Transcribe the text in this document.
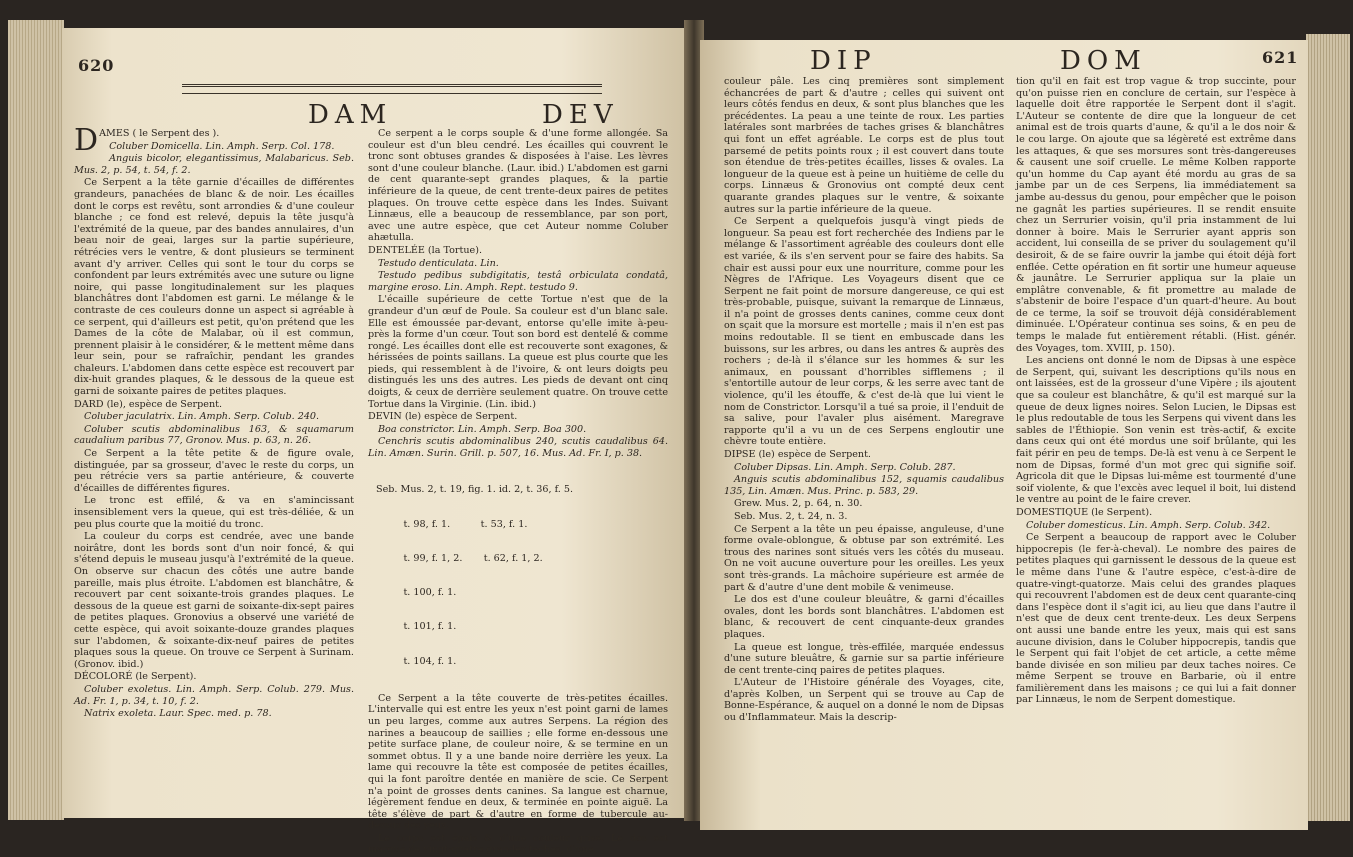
620
DAM	DEV

DAMES ( le Serpent des ).

Coluber Domicella. Lin. Amph. Serp. Col. 178.

Anguis bicolor, elegantissimus, Malabaricus. Seb. Mus. 2, p. 54, t. 54, f. 2.

Ce Serpent a la tête garnie d'écailles de différentes grandeurs, panachées de blanc & de noir. Les écailles dont le corps est revêtu, sont arrondies & d'une couleur blanche ; ce fond est relevé, depuis la tête jusqu'à l'extrémité de la queue, par des bandes annulaires, d'un beau noir de geai, larges sur la partie supérieure, rétrécies vers le ventre, & dont plusieurs se terminent avant d'y arriver. Celles qui sont le tour du corps se confondent par leurs extrémités avec une suture ou ligne noire, qui passe longitudinalement sur les plaques blanchâtres dont l'abdomen est garni. Le mélange & le contraste de ces couleurs donne un aspect si agréable à ce serpent, qui d'ailleurs est petit, qu'on prétend que les Dames de la côte de Malabar, où il est commun, prennent plaisir à le considérer, & le mettent même dans leur sein, pour se rafraîchir, pendant les grandes chaleurs. L'abdomen dans cette espèce est recouvert par dix-huit grandes plaques, & le dessous de la queue est garni de soixante paires de petites plaques.

DARD (le), espèce de Serpent.

Coluber jaculatrix. Lin. Amph. Serp. Colub. 240.

Coluber scutis abdominalibus 163, & squamarum caudalium paribus 77, Gronov. Mus. p. 63, n. 26.

Ce Serpent a la tête petite & de figure ovale, distinguée, par sa grosseur, d'avec le reste du corps, un peu rétrécie vers sa partie antérieure, & couverte d'écailles de différentes figures.

Le tronc est effilé, & va en s'amincissant insensiblement vers la queue, qui est très-déliée, & un peu plus courte que la moitié du tronc.

La couleur du corps est cendrée, avec une bande noirâtre, dont les bords sont d'un noir foncé, & qui s'étend depuis le museau jusqu'à l'extrémité de la queue. On observe sur chacun des côtés une autre bande pareille, mais plus étroite. L'abdomen est blanchâtre, & recouvert par cent soixante-trois grandes plaques. Le dessous de la queue est garni de soixante-dix-sept paires de petites plaques. Gronovius a observé une variété de cette espèce, qui avoit soixante-douze grandes plaques sur l'abdomen, & soixante-dix-neuf paires de petites plaques sous la queue. On trouve ce Serpent à Surinam. (Gronov. ibid.)

DÉCOLORÉ (le Serpent).

Coluber exoletus. Lin. Amph. Serp. Colub. 279. Mus. Ad. Fr. 1, p. 34, t. 10, f. 2.

Natrix exoleta. Laur. Spec. med. p. 78.

Ce serpent a le corps souple & d'une forme allongée. Sa couleur est d'un bleu cendré. Les écailles qui couvrent le tronc sont obtuses grandes & disposées à l'aise. Les lèvres sont d'une couleur blanche. (Laur. ibid.) L'abdomen est garni de cent quarante-sept grandes plaques, & la partie inférieure de la queue, de cent trente-deux paires de petites plaques. On trouve cette espèce dans les Indes. Suivant Linnæus, elle a beaucoup de ressemblance, par son port, avec une autre espèce, que cet Auteur nomme Coluber ahætulla.

DENTELÉE (la Tortue).

Testudo denticulata. Lin.

Testudo pedibus subdigitatis, testâ orbiculata condatâ, margine eroso. Lin. Amph. Rept. testudo 9.

L'écaille supérieure de cette Tortue n'est que de la grandeur d'un œuf de Poule. Sa couleur est d'un blanc sale. Elle est émoussée par-devant, entorse qu'elle imite à-peu-près la forme d'un cœur. Tout son bord est dentelé & comme rongé. Les écailles dont elle est recouverte sont exagones, & hérissées de points saillans. La queue est plus courte que les pieds, qui ressemblent à de l'ivoire, & ont leurs doigts peu distingués les uns des autres. Les pieds de devant ont cinq doigts, & ceux de derrière seulement quatre. On trouve cette Tortue dans la Virginie. (Lin. ibid.)

DEVIN (le) espèce de Serpent.

Boa constrictor. Lin. Amph. Serp. Boa 300.

Cenchris scutis abdominalibus 240, scutis caudalibus 64. Lin. Amæn. Surin. Grill. p. 507, 16. Mus. Ad. Fr. I, p. 38.

Seb. Mus. 2, t. 19, fig. 1. id. 2, t. 36, f. 5.

t. 98, f. 1.          t. 53, f. 1.

t. 99, f. 1, 2.       t. 62, f. 1, 2.

t. 100, f. 1.

t. 101, f. 1.

t. 104, f. 1.

Ce Serpent a la tête couverte de très-petites écailles. L'intervalle qui est entre les yeux n'est point garni de lames un peu larges, comme aux autres Serpens. La région des narines a beaucoup de saillies ; elle forme en-dessous une petite surface plane, de couleur noire, & se termine en un sommet obtus. Il y a une bande noire derrière les yeux. La lame qui recouvre la tête est composée de petites écailles, qui la font paroître dentée en manière de scie. Ce Serpent n'a point de grosses dents canines. Sa langue est charnue, légèrement fendue en deux, & terminée en pointe aiguë. La tête s'élève de part & d'autre en forme de tubercule au-dessus des yeux.

Le corps est épais & d'une couleur grise. Le dos est marqué de vingt-quatre grandes taches, d'une

DIP	DOM	621

couleur pâle. Les cinq premières sont simplement échancrées de part & d'autre ; celles qui suivent ont leurs côtés fendus en deux, & sont plus blanches que les précédentes. La peau a une teinte de roux. Les parties latérales sont marbrées de taches grises & blanchâtres qui font un effet agréable. Le corps est de plus tout parsemé de petits points roux ; il est couvert dans toute son étendue de très-petites écailles, lisses & ovales. La longueur de la queue est à peine un huitième de celle du corps. Linnæus & Gronovius ont compté deux cent quarante grandes plaques sur le ventre, & soixante autres sur la partie inférieure de la queue.

Ce Serpent a quelquefois jusqu'à vingt pieds de longueur. Sa peau est fort recherchée des Indiens par le mélange & l'assortiment agréable des couleurs dont elle est variée, & ils s'en servent pour se faire des habits. Sa chair est aussi pour eux une nourriture, comme pour les Nègres de l'Afrique. Les Voyageurs disent que ce Serpent ne fait point de morsure dangereuse, ce qui est très-probable, puisque, suivant la remarque de Linnæus, il n'a point de grosses dents canines, comme ceux dont on sçait que la morsure est mortelle ; mais il n'en est pas moins redoutable. Il se tient en embuscade dans les buissons, sur les arbres, ou dans les antres & auprès des rochers ; de-là il s'élance sur les hommes & sur les animaux, en poussant d'horribles sifflemens ; il s'entortille autour de leur corps, & les serre avec tant de violence, qu'il les étouffe, & c'est de-là que lui vient le nom de Constrictor. Lorsqu'il a tué sa proie, il l'enduit de sa salive, pour l'avaler plus aisément. Maregrave rapporte qu'il a vu un de ces Serpens engloutir une chèvre toute entière.

DIPSE (le) espèce de Serpent.

Coluber Dipsas. Lin. Amph. Serp. Colub. 287.

Anguis scutis abdominalibus 152, squamis caudalibus 135, Lin. Amæn. Mus. Princ. p. 583, 29.

Grew. Mus. 2, p. 64, n. 30.

Seb. Mus. 2, t. 24, n. 3.

Ce Serpent a la tête un peu épaisse, anguleuse, d'une forme ovale-oblongue, & obtuse par son extrémité. Les trous des narines sont situés vers les côtés du museau. On ne voit aucune ouverture pour les oreilles. Les yeux sont très-grands. La mâchoire supérieure est armée de part & d'autre d'une dent mobile & venimeuse.

Le dos est d'une couleur bleuâtre, & garni d'écailles ovales, dont les bords sont blanchâtres. L'abdomen est blanc, & recouvert de cent cinquante-deux grandes plaques.

La queue est longue, très-effilée, marquée endessus d'une suture bleuâtre, & garnie sur sa partie inférieure de cent trente-cinq paires de petites plaques.

L'Auteur de l'Histoire générale des Voyages, cite, d'après Kolben, un Serpent qui se trouve au Cap de Bonne-Espérance, & auquel on a donné le nom de Dipsas ou d'Inflammateur. Mais la descrip-

tion qu'il en fait est trop vague & trop succinte, pour qu'on puisse rien en conclure de certain, sur l'espèce à laquelle doit être rapportée le Serpent dont il s'agit. L'Auteur se contente de dire que la longueur de cet animal est de trois quarts d'aune, & qu'il a le dos noir & le cou large. On ajoute que sa légèreté est extrême dans les attaques, & que ses morsures sont très-dangereuses & causent une soif cruelle. Le même Kolben rapporte qu'un homme du Cap ayant été mordu au gras de sa jambe par un de ces Serpens, lia immédiatement sa jambe au-dessus du genou, pour empêcher que le poison ne gagnât les parties supérieures. Il se rendit ensuite chez un Serrurier voisin, qu'il pria instamment de lui donner à boire. Mais le Serrurier ayant appris son accident, lui conseilla de se priver du soulagement qu'il desiroit, & de se faire ouvrir la jambe qui étoit déjà fort enflée. Cette opération en fit sortir une humeur aqueuse & jaunâtre. Le Serrurier appliqua sur la plaie un emplâtre convenable, & fit promettre au malade de s'abstenir de boire l'espace d'un quart-d'heure. Au bout de ce terme, la soif se trouvoit déjà considérablement diminuée. L'Opérateur continua ses soins, & en peu de temps le malade fut entièrement rétabli. (Hist. génér. des Voyages, tom. XVIII, p. 150).

Les anciens ont donné le nom de Dipsas à une espèce de Serpent, qui, suivant les descriptions qu'ils nous en ont laissées, est de la grosseur d'une Vipère ; ils ajoutent que sa couleur est blanchâtre, & qu'il est marqué sur la queue de deux lignes noires. Selon Lucien, le Dipsas est le plus redoutable de tous les Serpens qui vivent dans les sables de l'Éthiopie. Son venin est très-actif, & excite dans ceux qui ont été mordus une soif brûlante, qui les fait périr en peu de temps. De-là est venu à ce Serpent le nom de Dipsas, formé d'un mot grec qui signifie soif. Agricola dit que le Dipsas lui-même est tourmenté d'une soif violente, & que l'excès avec lequel il boit, lui distend le ventre au point de le faire crever.

DOMESTIQUE (le Serpent).

Coluber domesticus. Lin. Amph. Serp. Colub. 342.

Ce Serpent a beaucoup de rapport avec le Coluber hippocrepis (le fer-à-cheval). Le nombre des paires de petites plaques qui garnissent le dessous de la queue est le même dans l'une & l'autre espèce, c'est-à-dire de quatre-vingt-quatorze. Mais celui des grandes plaques qui recouvrent l'abdomen est de deux cent quarante-cinq dans l'espèce dont il s'agit ici, au lieu que dans l'autre il n'est que de deux cent trente-deux. Les deux Serpens ont aussi une bande entre les yeux, mais qui est sans aucune division, dans le Coluber hippocrepis, tandis que le Serpent qui fait l'objet de cet article, a cette même bande divisée en son milieu par deux taches noires. Ce même Serpent se trouve en Barbarie, où il entre familièrement dans les maisons ; ce qui lui a fait donner par Linnæus, le nom de Serpent domestique.
